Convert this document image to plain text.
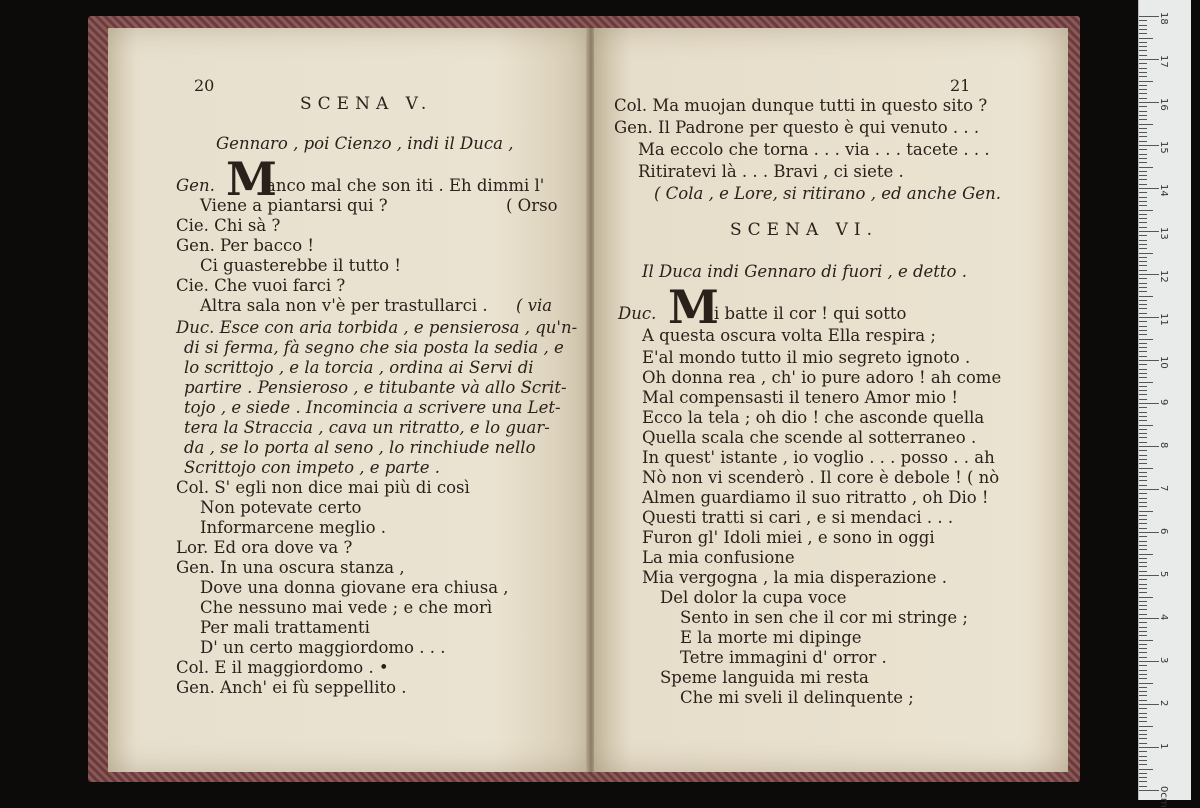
20
SCENA V.
Gennaro , poi Cienzo , indi il Duca ,
Gen. M
anco mal che son iti . Eh dimmi l'
Viene a piantarsi qui ?	( Orso
Cie. Chi sà ?
Gen. Per bacco !
Ci guasterebbe il tutto !
Cie. Che vuoi farci ?
Altra sala non v'è per trastullarci . ( via
Duc. Esce con aria torbida , e pensierosa , qu'n-
di si ferma, fà segno che sia posta la sedia , e
lo scrittojo , e la torcia , ordina ai Servi di
partire . Pensieroso , e titubante và allo Scrit-
tojo , e siede . Incomincia a scrivere una Let-
tera la Straccia , cava un ritratto, e lo guar-
da , se lo porta al seno , lo rinchiude nello
Scrittojo con impeto , e parte .
Col. S' egli non dice mai più di così
Non potevate certo
Informarcene meglio .
Lor. Ed ora dove va ?
Gen. In una oscura stanza ,
Dove una donna giovane era chiusa ,
Che nessuno mai vede ; e che morì
Per mali trattamenti
D' un certo maggiordomo . . .
Col. E il maggiordomo . •
Gen. Anch' ei fù seppellito .
21
Col. Ma muojan dunque tutti in questo sito ?
Gen. Il Padrone per questo è qui venuto . . .
Ma eccolo che torna . . . via . . . tacete . . .
Ritiratevi là . . . Bravi , ci siete .
( Cola , e Lore, si ritirano , ed anche Gen.
SCENA VI.
Il Duca indi Gennaro di fuori , e detto .
Duc. M
i batte il cor ! qui sotto
A questa oscura volta Ella respira ;
E'al mondo tutto il mio segreto ignoto .
Oh donna rea , ch' io pure adoro ! ah come
Mal compensasti il tenero Amor mio !
Ecco la tela ; oh dio ! che asconde quella
Quella scala che scende al sotterraneo .
In quest' istante , io voglio . . . posso . . ah
Nò non vi scenderò . Il core è debole ! ( nò
Almen guardiamo il suo ritratto , oh Dio !
Questi tratti si cari , e si mendaci . . .
Furon gl' Idoli miei , e sono in oggi
La mia confusione
Mia vergogna , la mia disperazione .
Del dolor la cupa voce
Sento in sen che il cor mi stringe ;
E la morte mi dipinge
Tetre immagini d' orror .
Speme languida mi resta
Che mi sveli il delinquente ;
0cm
1
2
3
4
5
6
7
8
9
10
11
12
13
14
15
16
17
18
